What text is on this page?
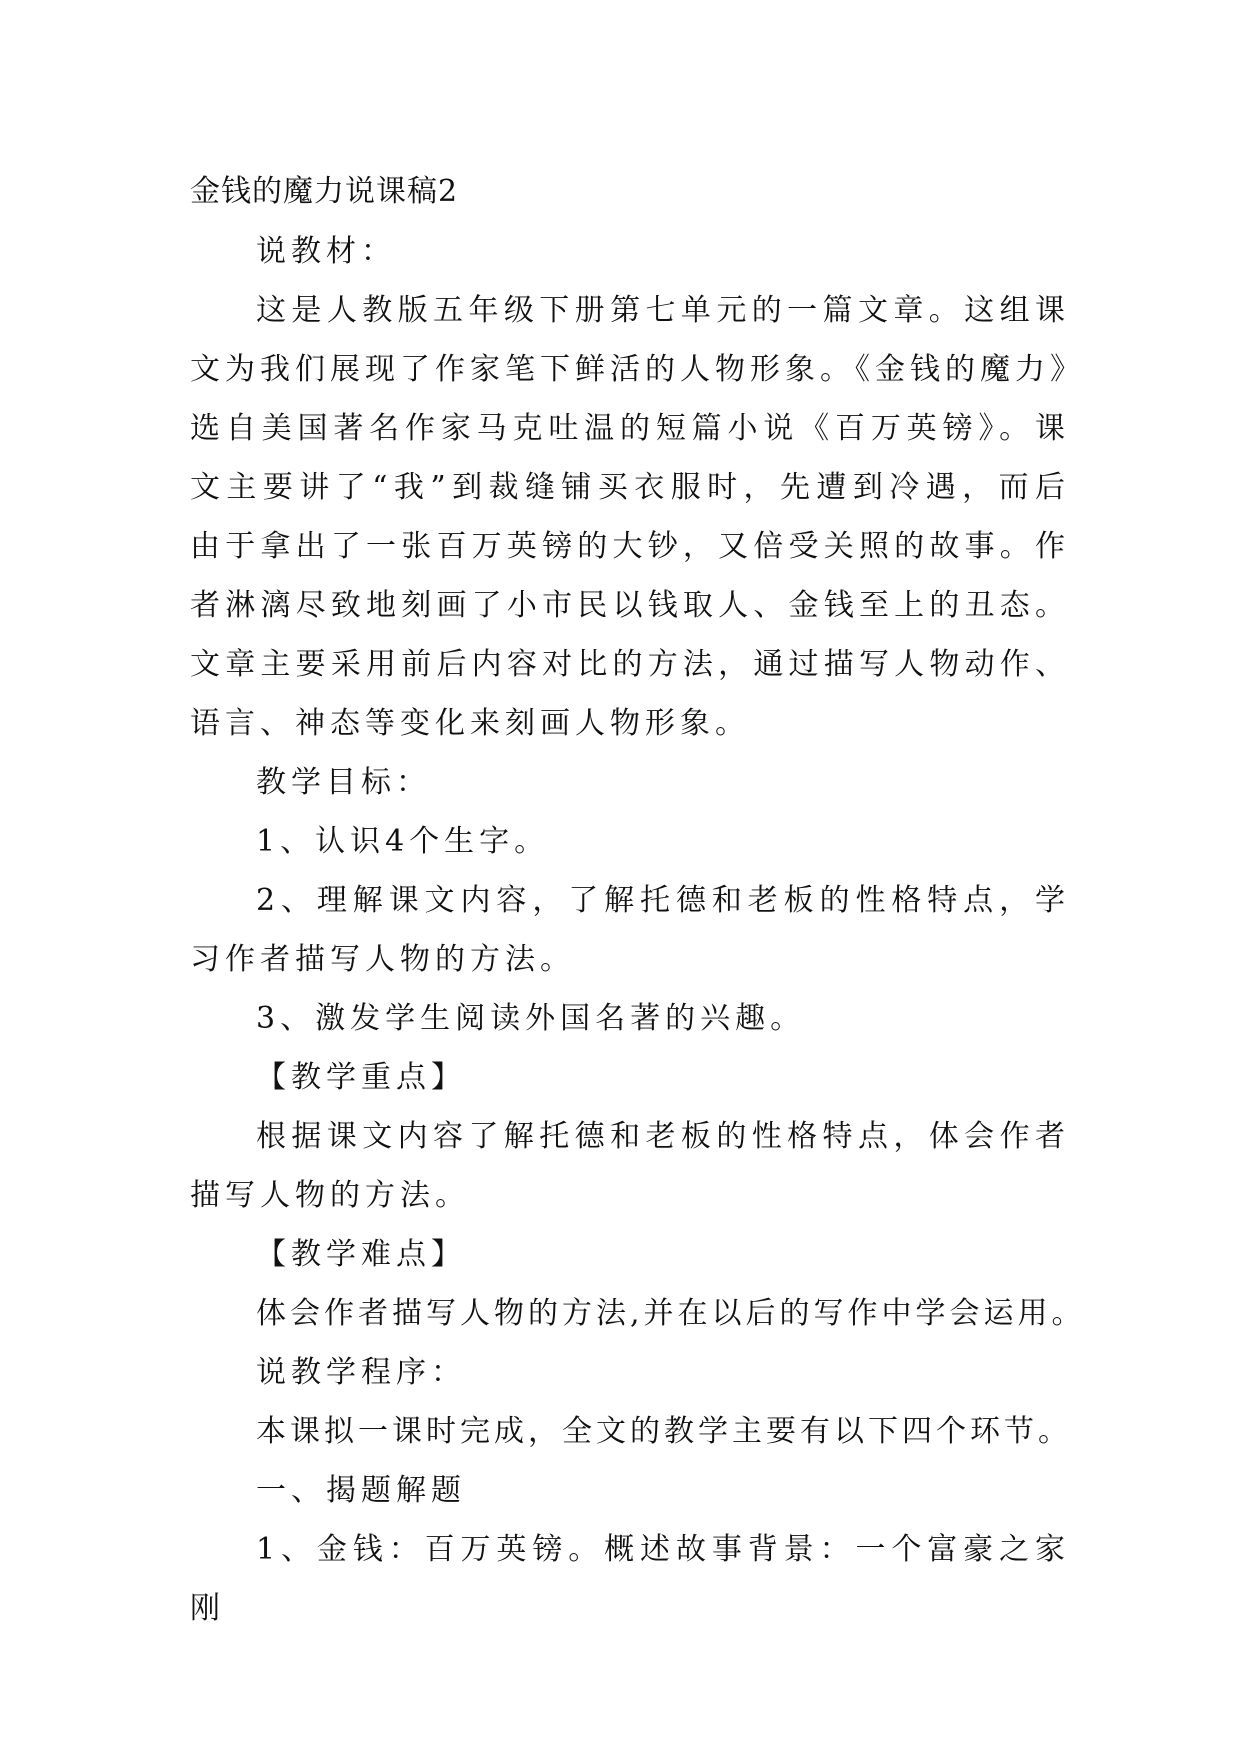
金钱的魔力说课稿2

说教材：

这是人教版五年级下册第七单元的一篇文章。这组课文为我们展现了作家笔下鲜活的人物形象。《金钱的魔力》选自美国著名作家马克吐温的短篇小说《百万英镑》。课文主要讲了“我”到裁缝铺买衣服时，先遭到冷遇，而后由于拿出了一张百万英镑的大钞，又倍受关照的故事。作者淋漓尽致地刻画了小市民以钱取人、金钱至上的丑态。文章主要采用前后内容对比的方法，通过描写人物动作、语言、神态等变化来刻画人物形象。

教学目标：

1、认识4个生字。

2、理解课文内容，了解托德和老板的性格特点，学习作者描写人物的方法。

3、激发学生阅读外国名著的兴趣。

【教学重点】

根据课文内容了解托德和老板的性格特点，体会作者描写人物的方法。

【教学难点】

体会作者描写人物的方法,并在以后的写作中学会运用。

说教学程序：

本课拟一课时完成，全文的教学主要有以下四个环节。

一、揭题解题

1、金钱：百万英镑。概述故事背景：一个富豪之家刚
